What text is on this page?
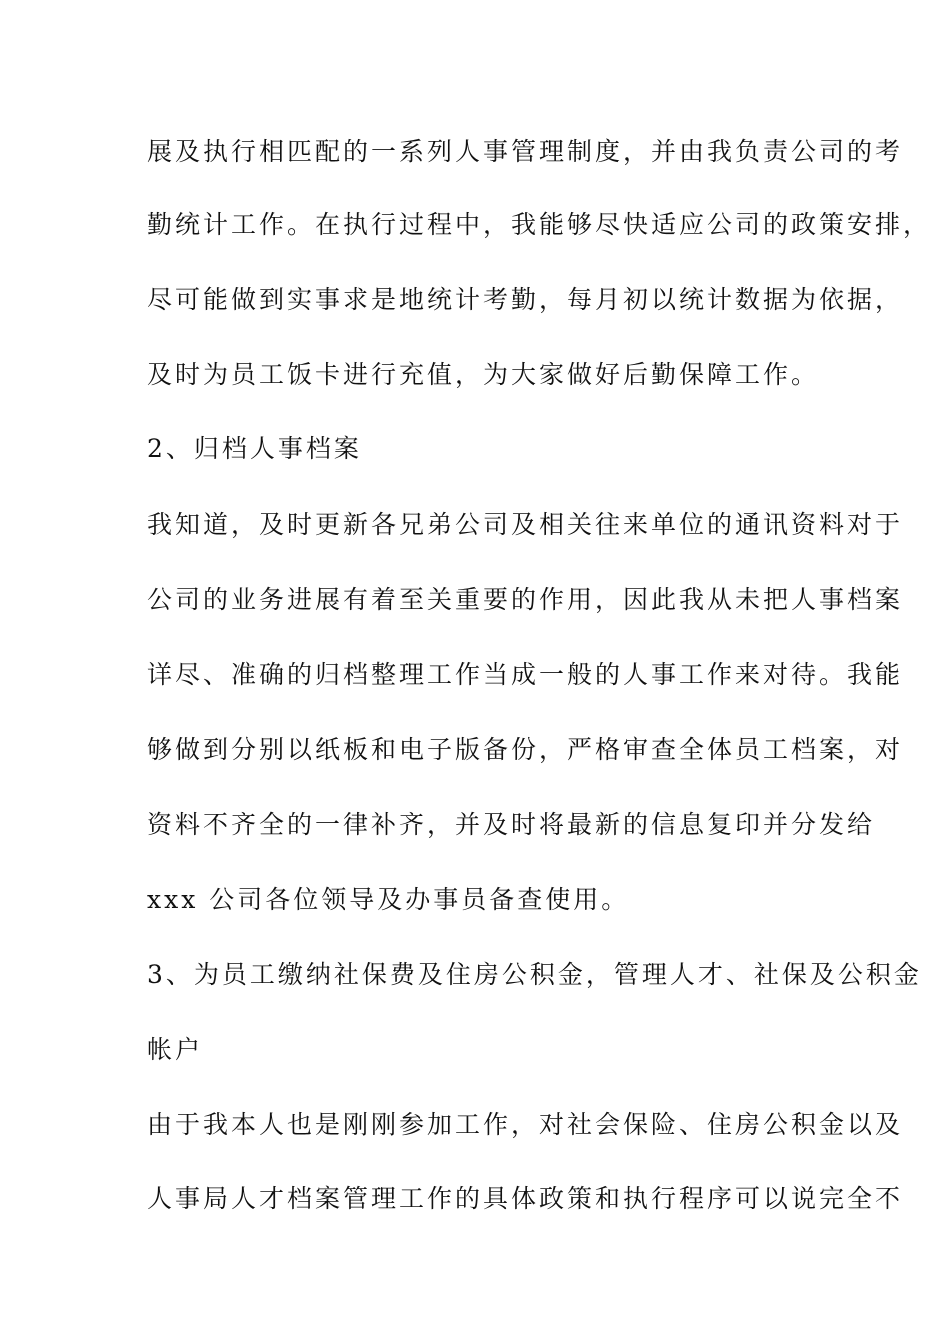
展及执行相匹配的一系列人事管理制度，并由我负责公司的考
勤统计工作。在执行过程中，我能够尽快适应公司的政策安排，
尽可能做到实事求是地统计考勤，每月初以统计数据为依据，
及时为员工饭卡进行充值，为大家做好后勤保障工作。
2、归档人事档案
我知道，及时更新各兄弟公司及相关往来单位的通讯资料对于
公司的业务进展有着至关重要的作用，因此我从未把人事档案
详尽、准确的归档整理工作当成一般的人事工作来对待。我能
够做到分别以纸板和电子版备份，严格审查全体员工档案，对
资料不齐全的一律补齐，并及时将最新的信息复印并分发给
xxx 公司各位领导及办事员备查使用。
3、为员工缴纳社保费及住房公积金，管理人才、社保及公积金
帐户
由于我本人也是刚刚参加工作，对社会保险、住房公积金以及
人事局人才档案管理工作的具体政策和执行程序可以说完全不
